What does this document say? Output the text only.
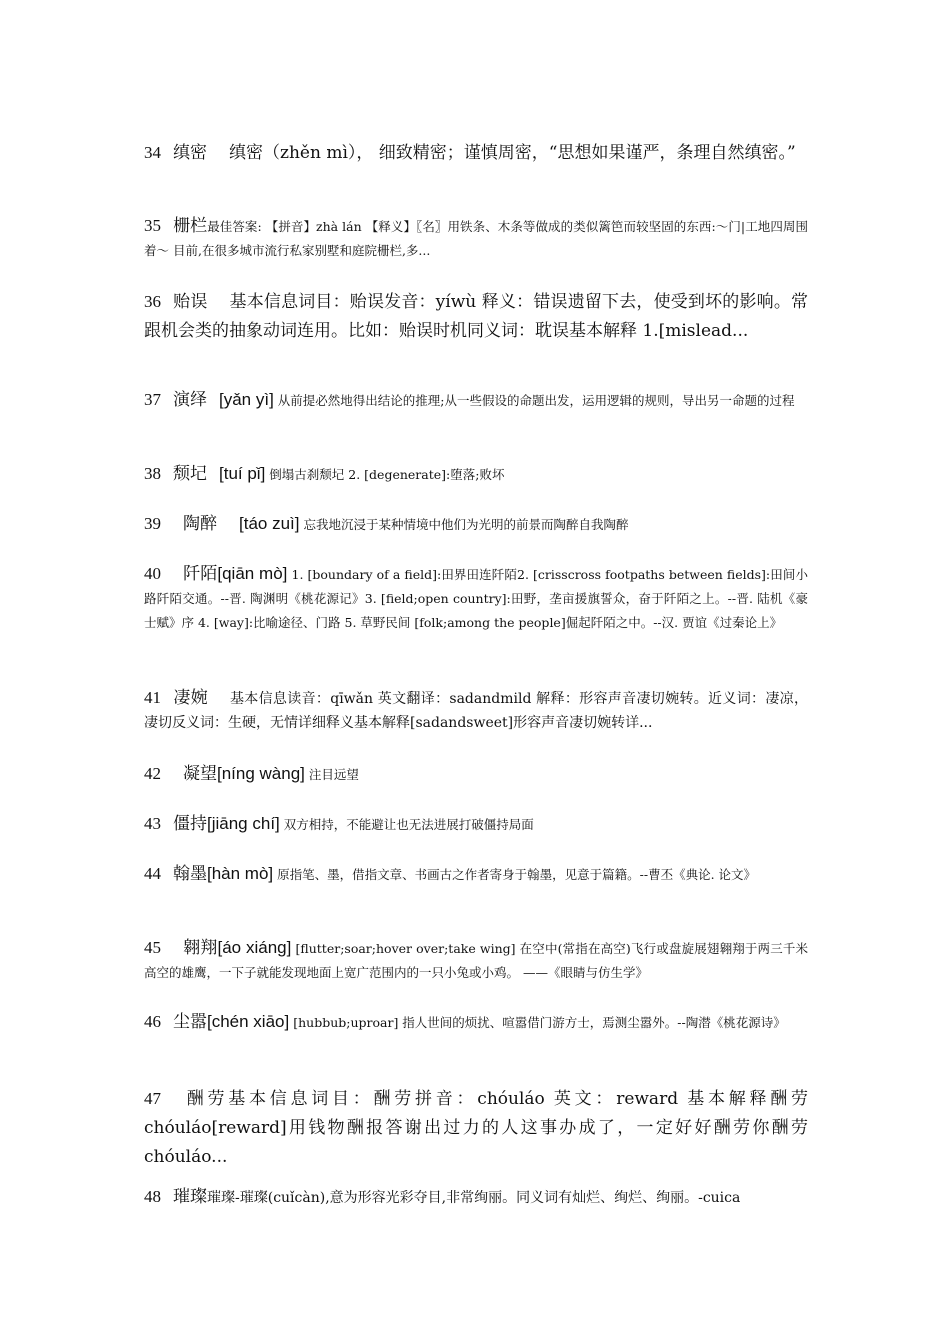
34 缜密 缜密（zhěn mì）， 细致精密；谨慎周密，“思想如果谨严，条理自然缜密。”

35 栅栏最佳答案: 【拼音】zhà lán 【释义】〖名〗用铁条、木条等做成的类似篱笆而较坚固的东西:～门|工地四周围着～ 目前,在很多城市流行私家别墅和庭院栅栏,多...

36 贻误 基本信息词目：贻误发音：yíwù 释义：错误遗留下去，使受到坏的影响。常跟机会类的抽象动词连用。比如：贻误时机同义词：耽误基本解释 1.[mislead...

37 演绎 [yǎn yì] 从前提必然地得出结论的推理;从一些假设的命题出发，运用逻辑的规则，导出另一命题的过程

38 颓圮 [tuí pǐ] 倒塌古刹颓圮 2. [degenerate]:堕落;败坏

39 陶醉 [táo zuì] 忘我地沉浸于某种情境中他们为光明的前景而陶醉自我陶醉

40 阡陌[qiān mò] 1. [boundary of a field]:田界田连阡陌2. [crisscross footpaths between fields]:田间小路阡陌交通。--晋. 陶渊明《桃花源记》3. [field;open country]:田野，垄亩援旗誓众，奋于阡陌之上。--晋. 陆机《豪士赋》序 4. [way]:比喻途径、门路 5. 草野民间 [folk;among the people]倔起阡陌之中。--汉. 贾谊《过秦论上》

41 凄婉 基本信息读音：qīwǎn 英文翻译：sadandmild 解释：形容声音凄切婉转。近义词：凄凉，凄切反义词：生硬，无情详细释义基本解释[sadandsweet]形容声音凄切婉转详...

42 凝望[níng wàng] 注目远望

43 僵持[jiāng chí] 双方相持，不能避让也无法进展打破僵持局面

44 翰墨[hàn mò] 原指笔、墨，借指文章、书画古之作者寄身于翰墨，见意于篇籍。--曹丕《典论. 论文》

45 翱翔[áo xiáng] [flutter;soar;hover over;take wing] 在空中(常指在高空)飞行或盘旋展翅翱翔于两三千米高空的雄鹰，一下子就能发现地面上宽广范围内的一只小兔或小鸡。 ——《眼睛与仿生学》

46 尘嚣[chén xiāo] [hubbub;uproar] 指人世间的烦扰、喧嚣借门游方士，焉测尘嚣外。--陶潜《桃花源诗》

47 酬劳基本信息词目：酬劳拼音：chóuláo 英文：reward 基本解释酬劳 chóuláo[reward]用钱物酬报答谢出过力的人这事办成了，一定好好酬劳你酬劳 chóuláo...

48 璀璨璀璨-璀璨(cuǐcàn),意为形容光彩夺目,非常绚丽。同义词有灿烂、绚烂、绚丽。-cuica
